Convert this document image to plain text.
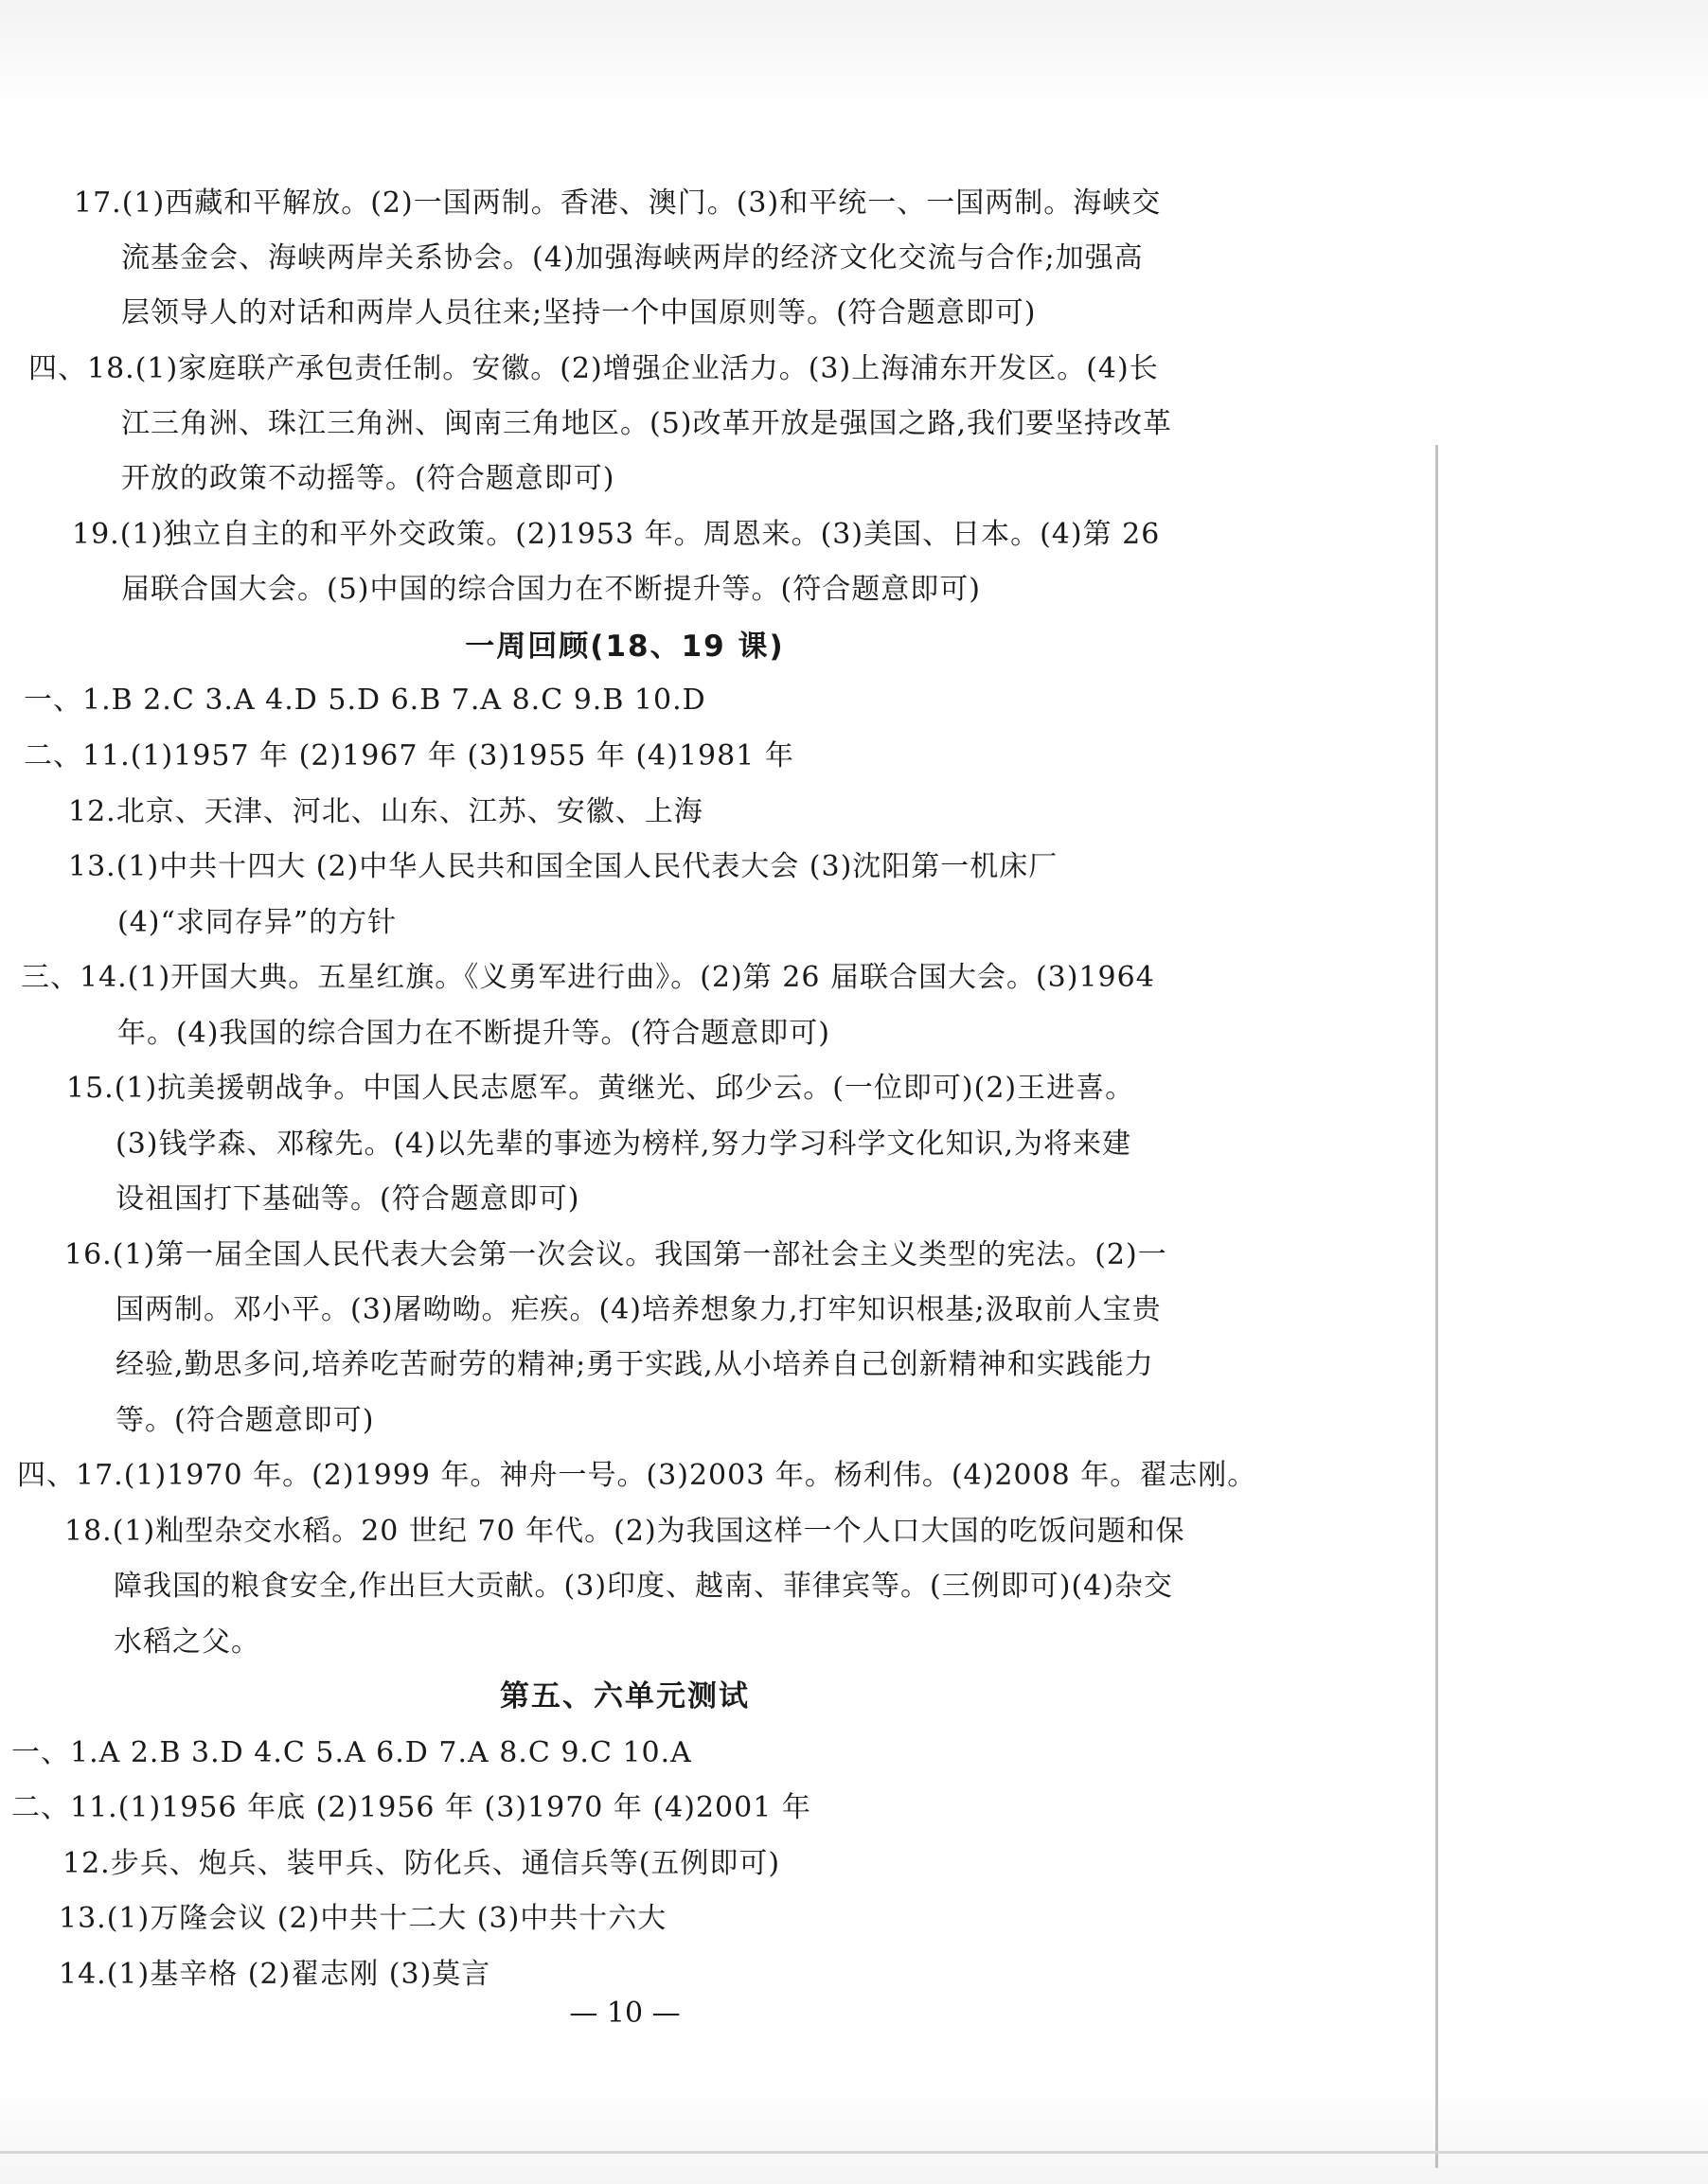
17.(1)西藏和平解放。(2)一国两制。香港、澳门。(3)和平统一、一国两制。海峡交
流基金会、海峡两岸关系协会。(4)加强海峡两岸的经济文化交流与合作;加强高
层领导人的对话和两岸人员往来;坚持一个中国原则等。(符合题意即可)
四、18.(1)家庭联产承包责任制。安徽。(2)增强企业活力。(3)上海浦东开发区。(4)长
江三角洲、珠江三角洲、闽南三角地区。(5)改革开放是强国之路,我们要坚持改革
开放的政策不动摇等。(符合题意即可)
19.(1)独立自主的和平外交政策。(2)1953 年。周恩来。(3)美国、日本。(4)第 26
届联合国大会。(5)中国的综合国力在不断提升等。(符合题意即可)
一周回顾(18、19 课)
一、1.B 2.C 3.A 4.D 5.D 6.B 7.A 8.C 9.B 10.D
二、11.(1)1957 年 (2)1967 年 (3)1955 年 (4)1981 年
12.北京、天津、河北、山东、江苏、安徽、上海
13.(1)中共十四大 (2)中华人民共和国全国人民代表大会 (3)沈阳第一机床厂
(4)“求同存异”的方针
三、14.(1)开国大典。五星红旗。《义勇军进行曲》。(2)第 26 届联合国大会。(3)1964
年。(4)我国的综合国力在不断提升等。(符合题意即可)
15.(1)抗美援朝战争。中国人民志愿军。黄继光、邱少云。(一位即可)(2)王进喜。
(3)钱学森、邓稼先。(4)以先辈的事迹为榜样,努力学习科学文化知识,为将来建
设祖国打下基础等。(符合题意即可)
16.(1)第一届全国人民代表大会第一次会议。我国第一部社会主义类型的宪法。(2)一
国两制。邓小平。(3)屠呦呦。疟疾。(4)培养想象力,打牢知识根基;汲取前人宝贵
经验,勤思多问,培养吃苦耐劳的精神;勇于实践,从小培养自己创新精神和实践能力
等。(符合题意即可)
四、17.(1)1970 年。(2)1999 年。神舟一号。(3)2003 年。杨利伟。(4)2008 年。翟志刚。
18.(1)籼型杂交水稻。20 世纪 70 年代。(2)为我国这样一个人口大国的吃饭问题和保
障我国的粮食安全,作出巨大贡献。(3)印度、越南、菲律宾等。(三例即可)(4)杂交
水稻之父。
第五、六单元测试
一、1.A 2.B 3.D 4.C 5.A 6.D 7.A 8.C 9.C 10.A
二、11.(1)1956 年底 (2)1956 年 (3)1970 年 (4)2001 年
12.步兵、炮兵、装甲兵、防化兵、通信兵等(五例即可)
13.(1)万隆会议 (2)中共十二大 (3)中共十六大
14.(1)基辛格 (2)翟志刚 (3)莫言
— 10 —
